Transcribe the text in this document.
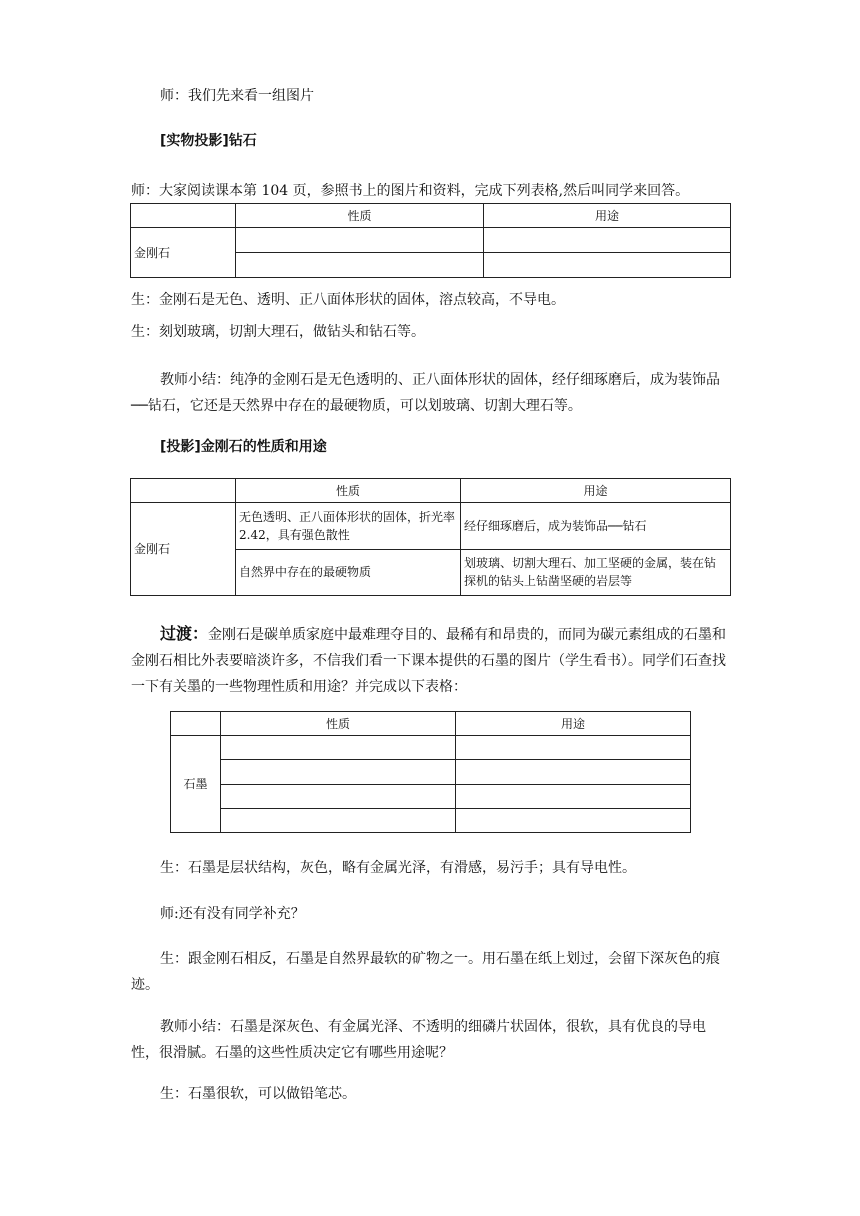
师：我们先来看一组图片
[实物投影]钻石
师：大家阅读课本第 104 页，参照书上的图片和资料，完成下列表格,然后叫同学来回答。
	性质	用途
金刚石		

生：金刚石是无色、透明、正八面体形状的固体，溶点较高，不导电。
生：刻划玻璃，切割大理石，做钻头和钻石等。
教师小结：纯净的金刚石是无色透明的、正八面体形状的固体，经仔细琢磨后，成为装饰品──钻石，它还是天然界中存在的最硬物质，可以划玻璃、切割大理石等。
[投影]金刚石的性质和用途
	性质	用途
金刚石	无色透明、正八面体形状的固体，折光率 2.42，具有强色散性	经仔细琢磨后，成为装饰品──钻石
	自然界中存在的最硬物质	划玻璃、切割大理石、加工坚硬的金属，装在钻探机的钻头上钻凿坚硬的岩层等
过渡：金刚石是碳单质家庭中最难理夺目的、最稀有和昂贵的，而同为碳元素组成的石墨和金刚石相比外表要暗淡许多，不信我们看一下课本提供的石墨的图片（学生看书）。同学们石查找一下有关墨的一些物理性质和用途？并完成以下表格：
	性质	用途
石墨		

生：石墨是层状结构，灰色，略有金属光泽，有滑感，易污手；具有导电性。
师:还有没有同学补充？
生：跟金刚石相反，石墨是自然界最软的矿物之一。用石墨在纸上划过，会留下深灰色的痕迹。
教师小结：石墨是深灰色、有金属光泽、不透明的细磷片状固体，很软，具有优良的导电性，很滑腻。石墨的这些性质决定它有哪些用途呢？
生：石墨很软，可以做铅笔芯。
